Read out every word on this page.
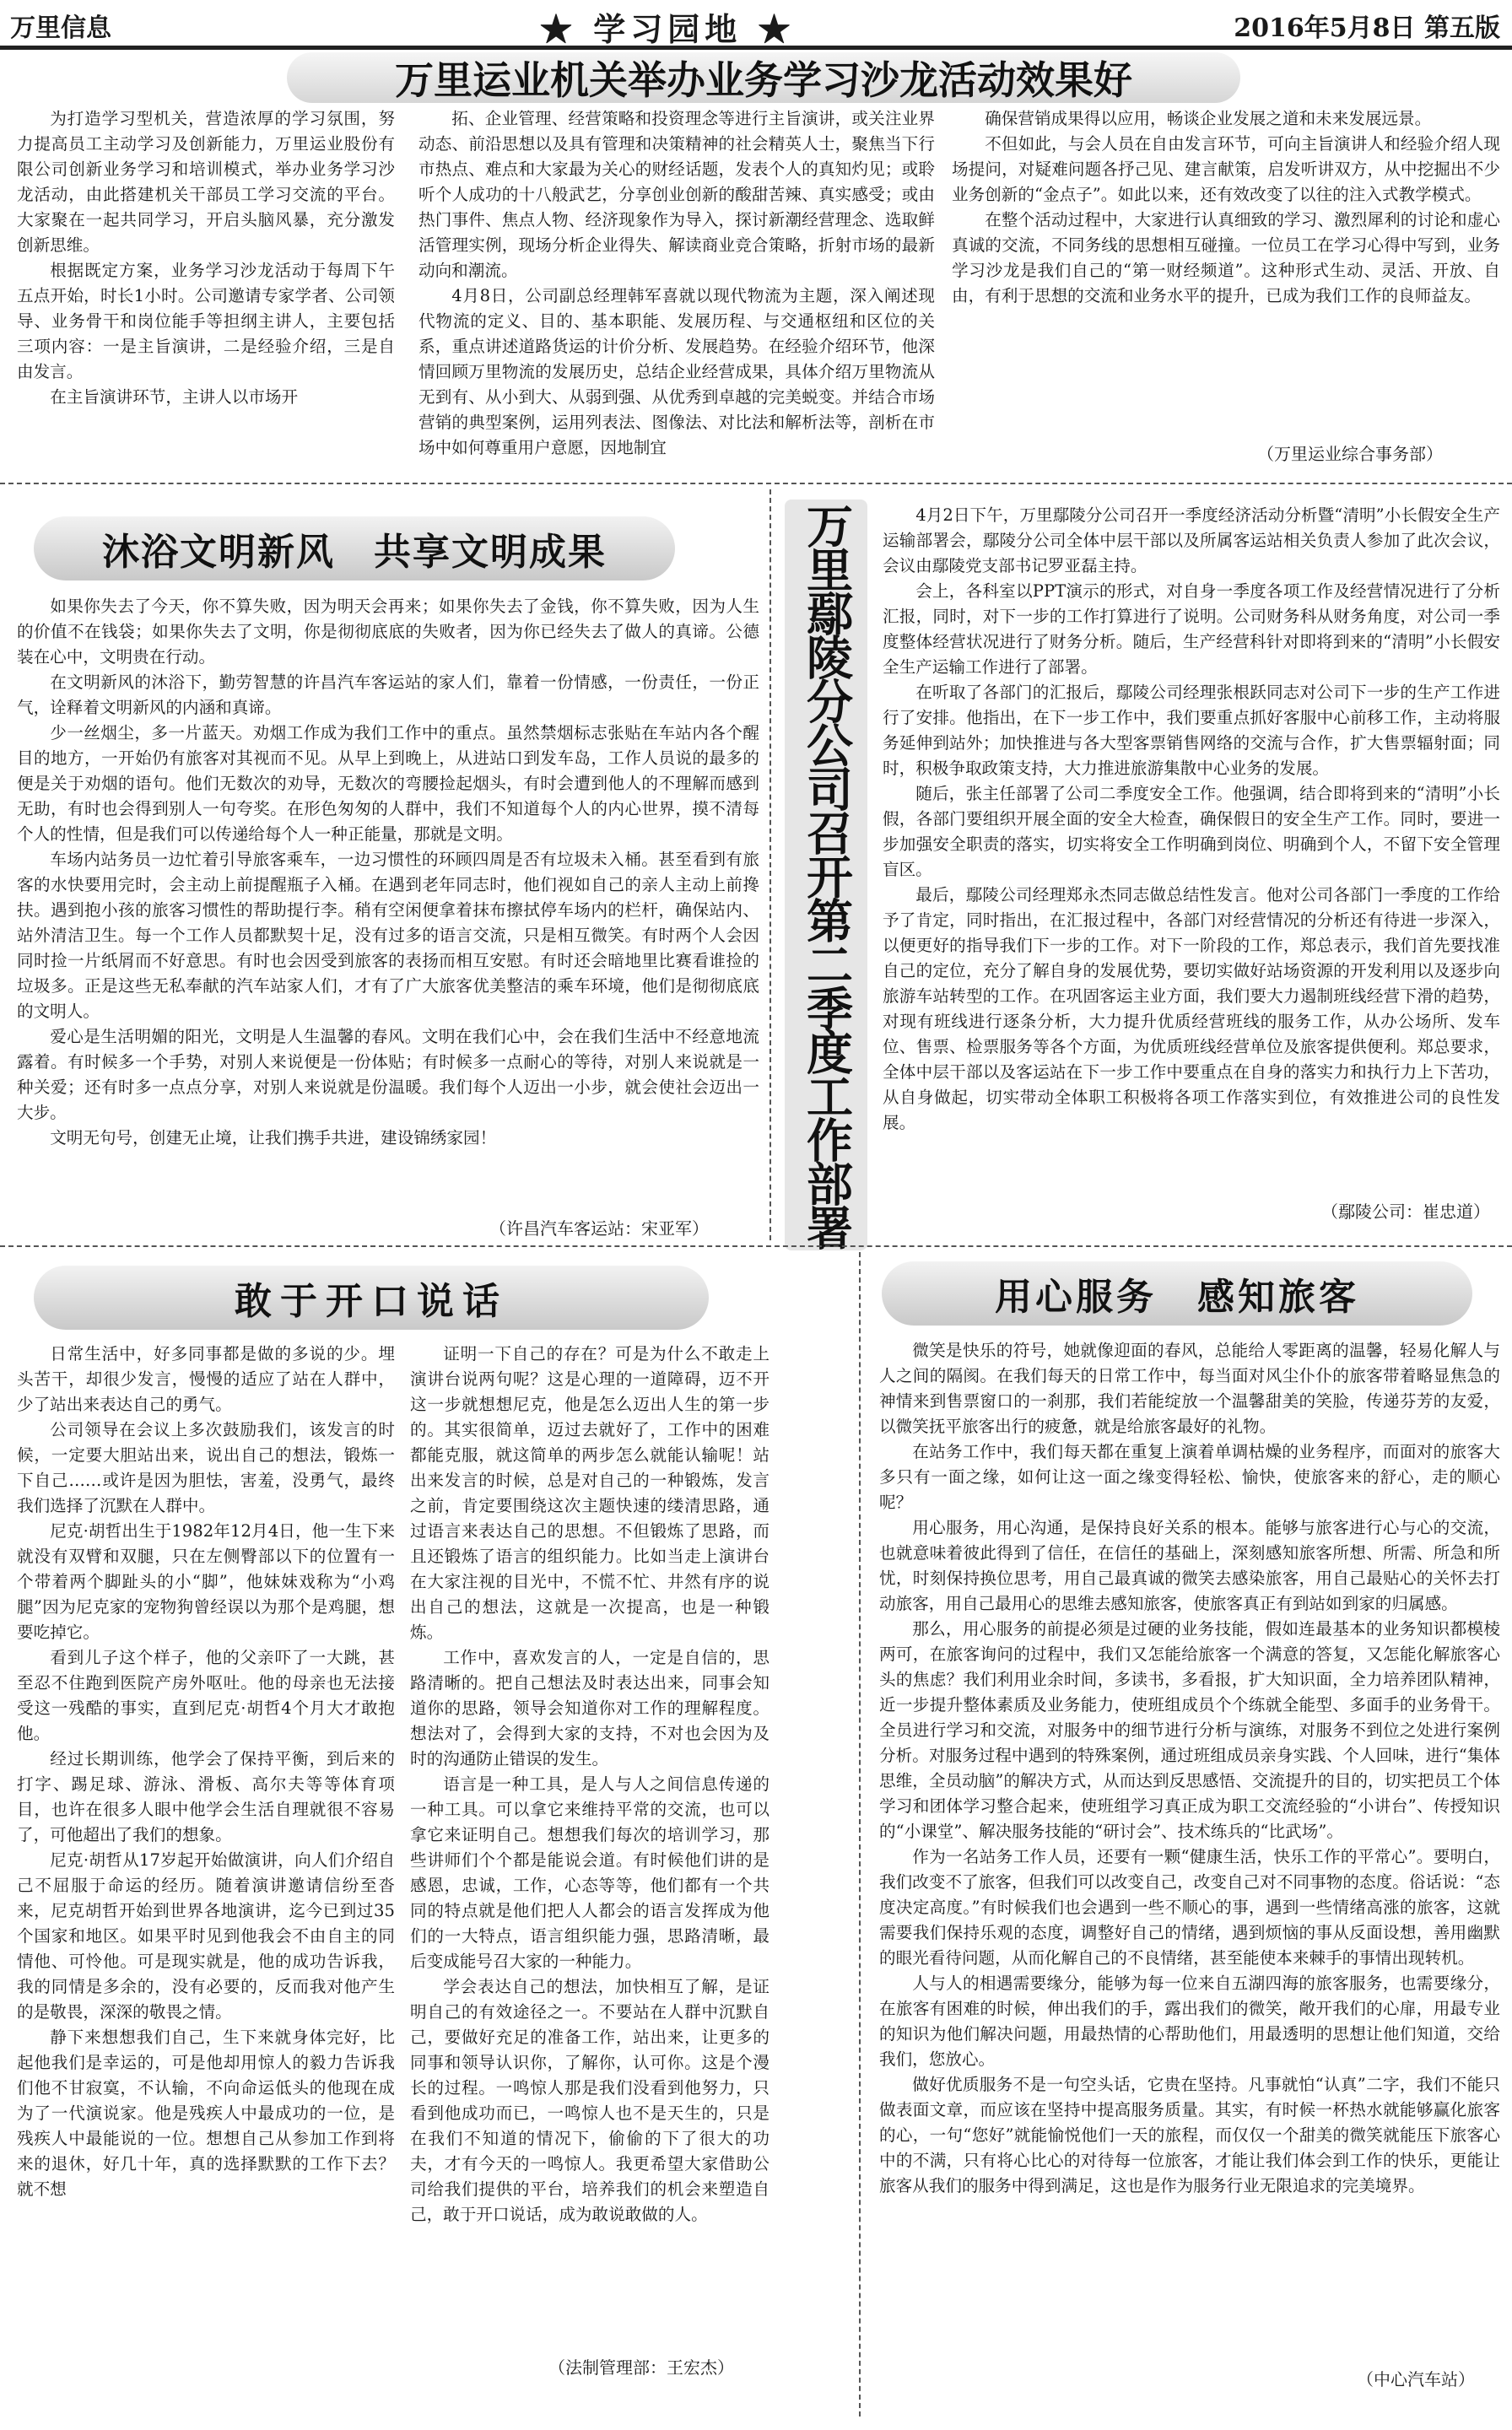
万里信息	★ 学习园地 ★	2016年5月8日 第五版
万里运业机关举办业务学习沙龙活动效果好

为打造学习型机关，营造浓厚的学习氛围，努力提高员工主动学习及创新能力，万里运业股份有限公司创新业务学习和培训模式，举办业务学习沙龙活动，由此搭建机关干部员工学习交流的平台。大家聚在一起共同学习，开启头脑风暴，充分激发创新思维。

根据既定方案，业务学习沙龙活动于每周下午五点开始，时长1小时。公司邀请专家学者、公司领导、业务骨干和岗位能手等担纲主讲人，主要包括三项内容：一是主旨演讲，二是经验介绍，三是自由发言。

在主旨演讲环节，主讲人以市场开

拓、企业管理、经营策略和投资理念等进行主旨演讲，或关注业界动态、前沿思想以及具有管理和决策精神的社会精英人士，聚焦当下行市热点、难点和大家最为关心的财经话题，发表个人的真知灼见；或聆听个人成功的十八般武艺，分享创业创新的酸甜苦辣、真实感受；或由热门事件、焦点人物、经济现象作为导入，探讨新潮经营理念、选取鲜活管理实例，现场分析企业得失、解读商业竞合策略，折射市场的最新动向和潮流。

4月8日，公司副总经理韩军喜就以现代物流为主题，深入阐述现代物流的定义、目的、基本职能、发展历程、与交通枢纽和区位的关系，重点讲述道路货运的计价分析、发展趋势。在经验介绍环节，他深情回顾万里物流的发展历史，总结企业经营成果，具体介绍万里物流从无到有、从小到大、从弱到强、从优秀到卓越的完美蜕变。并结合市场营销的典型案例，运用列表法、图像法、对比法和解析法等，剖析在市场中如何尊重用户意愿，因地制宜

确保营销成果得以应用，畅谈企业发展之道和未来发展远景。

不但如此，与会人员在自由发言环节，可向主旨演讲人和经验介绍人现场提问，对疑难问题各抒己见、建言献策，启发听讲双方，从中挖掘出不少业务创新的“金点子”。如此以来，还有效改变了以往的注入式教学模式。

在整个活动过程中，大家进行认真细致的学习、激烈犀利的讨论和虚心真诚的交流，不同务线的思想相互碰撞。一位员工在学习心得中写到，业务学习沙龙是我们自己的“第一财经频道”。这种形式生动、灵活、开放、自由，有利于思想的交流和业务水平的提升，已成为我们工作的良师益友。

（万里运业综合事务部）
沐浴文明新风　共享文明成果

如果你失去了今天，你不算失败，因为明天会再来；如果你失去了金钱，你不算失败，因为人生的价值不在钱袋；如果你失去了文明，你是彻彻底底的失败者，因为你已经失去了做人的真谛。公德装在心中，文明贵在行动。

在文明新风的沐浴下，勤劳智慧的许昌汽车客运站的家人们，靠着一份情感，一份责任，一份正气，诠释着文明新风的内涵和真谛。

少一丝烟尘，多一片蓝天。劝烟工作成为我们工作中的重点。虽然禁烟标志张贴在车站内各个醒目的地方，一开始仍有旅客对其视而不见。从早上到晚上，从进站口到发车岛，工作人员说的最多的便是关于劝烟的语句。他们无数次的劝导，无数次的弯腰捡起烟头，有时会遭到他人的不理解而感到无助，有时也会得到别人一句夸奖。在形色匆匆的人群中，我们不知道每个人的内心世界，摸不清每个人的性情，但是我们可以传递给每个人一种正能量，那就是文明。

车场内站务员一边忙着引导旅客乘车，一边习惯性的环顾四周是否有垃圾未入桶。甚至看到有旅客的水快要用完时，会主动上前提醒瓶子入桶。在遇到老年同志时，他们视如自己的亲人主动上前搀扶。遇到抱小孩的旅客习惯性的帮助提行李。稍有空闲便拿着抹布擦拭停车场内的栏杆，确保站内、站外清洁卫生。每一个工作人员都默契十足，没有过多的语言交流，只是相互微笑。有时两个人会因同时捡一片纸屑而不好意思。有时也会因受到旅客的表扬而相互安慰。有时还会暗地里比赛看谁捡的垃圾多。正是这些无私奉献的汽车站家人们，才有了广大旅客优美整洁的乘车环境，他们是彻彻底底的文明人。

爱心是生活明媚的阳光，文明是人生温馨的春风。文明在我们心中，会在我们生活中不经意地流露着。有时候多一个手势，对别人来说便是一份体贴；有时候多一点耐心的等待，对别人来说就是一种关爱；还有时多一点点分享，对别人来说就是份温暖。我们每个人迈出一小步，就会使社会迈出一大步。

文明无句号，创建无止境，让我们携手共进，建设锦绣家园！

（许昌汽车客运站：宋亚军）
万里鄢陵分公司召开第二季度工作部署

4月2日下午，万里鄢陵分公司召开一季度经济活动分析暨“清明”小长假安全生产运输部署会，鄢陵分公司全体中层干部以及所属客运站相关负责人参加了此次会议，会议由鄢陵党支部书记罗亚磊主持。

会上，各科室以PPT演示的形式，对自身一季度各项工作及经营情况进行了分析汇报，同时，对下一步的工作打算进行了说明。公司财务科从财务角度，对公司一季度整体经营状况进行了财务分析。随后，生产经营科针对即将到来的“清明”小长假安全生产运输工作进行了部署。

在听取了各部门的汇报后，鄢陵公司经理张根跃同志对公司下一步的生产工作进行了安排。他指出，在下一步工作中，我们要重点抓好客服中心前移工作，主动将服务延伸到站外；加快推进与各大型客票销售网络的交流与合作，扩大售票辐射面；同时，积极争取政策支持，大力推进旅游集散中心业务的发展。

随后，张主任部署了公司二季度安全工作。他强调，结合即将到来的“清明”小长假，各部门要组织开展全面的安全大检查，确保假日的安全生产工作。同时，要进一步加强安全职责的落实，切实将安全工作明确到岗位、明确到个人，不留下安全管理盲区。

最后，鄢陵公司经理郑永杰同志做总结性发言。他对公司各部门一季度的工作给予了肯定，同时指出，在汇报过程中，各部门对经营情况的分析还有待进一步深入，以便更好的指导我们下一步的工作。对下一阶段的工作，郑总表示，我们首先要找准自己的定位，充分了解自身的发展优势，要切实做好站场资源的开发利用以及逐步向旅游车站转型的工作。在巩固客运主业方面，我们要大力遏制班线经营下滑的趋势，对现有班线进行逐条分析，大力提升优质经营班线的服务工作，从办公场所、发车位、售票、检票服务等各个方面，为优质班线经营单位及旅客提供便利。郑总要求，全体中层干部以及客运站在下一步工作中要重点在自身的落实力和执行力上下苦功，从自身做起，切实带动全体职工积极将各项工作落实到位，有效推进公司的良性发展。

（鄢陵公司：崔忠道）
敢于开口说话

日常生活中，好多同事都是做的多说的少。埋头苦干，却很少发言，慢慢的适应了站在人群中，少了站出来表达自己的勇气。

公司领导在会议上多次鼓励我们，该发言的时候，一定要大胆站出来，说出自己的想法，锻炼一下自己……或许是因为胆怯，害羞，没勇气，最终我们选择了沉默在人群中。

尼克·胡哲出生于1982年12月4日，他一生下来就没有双臂和双腿，只在左侧臀部以下的位置有一个带着两个脚趾头的小“脚”，他妹妹戏称为“小鸡腿”因为尼克家的宠物狗曾经误以为那个是鸡腿，想要吃掉它。

看到儿子这个样子，他的父亲吓了一大跳，甚至忍不住跑到医院产房外呕吐。他的母亲也无法接受这一残酷的事实，直到尼克·胡哲4个月大才敢抱他。

经过长期训练，他学会了保持平衡，到后来的打字、踢足球、游泳、滑板、高尔夫等等体育项目，也许在很多人眼中他学会生活自理就很不容易了，可他超出了我们的想象。

尼克·胡哲从17岁起开始做演讲，向人们介绍自己不屈服于命运的经历。随着演讲邀请信纷至沓来，尼克胡哲开始到世界各地演讲，迄今已到过35个国家和地区。如果平时见到他我会不由自主的同情他、可怜他。可是现实就是，他的成功告诉我，我的同情是多余的，没有必要的，反而我对他产生的是敬畏，深深的敬畏之情。

静下来想想我们自己，生下来就身体完好，比起他我们是幸运的，可是他却用惊人的毅力告诉我们他不甘寂寞，不认输，不向命运低头的他现在成为了一代演说家。他是残疾人中最成功的一位，是残疾人中最能说的一位。想想自己从参加工作到将来的退休，好几十年，真的选择默默的工作下去？就不想

证明一下自己的存在？可是为什么不敢走上演讲台说两句呢？这是心理的一道障碍，迈不开这一步就想想尼克，他是怎么迈出人生的第一步的。其实很简单，迈过去就好了，工作中的困难都能克服，就这简单的两步怎么就能认输呢！站出来发言的时候，总是对自己的一种锻炼，发言之前，肯定要围绕这次主题快速的缕清思路，通过语言来表达自己的思想。不但锻炼了思路，而且还锻炼了语言的组织能力。比如当走上演讲台在大家注视的目光中，不慌不忙、井然有序的说出自己的想法，这就是一次提高，也是一种锻炼。

工作中，喜欢发言的人，一定是自信的，思路清晰的。把自己想法及时表达出来，同事会知道你的思路，领导会知道你对工作的理解程度。想法对了，会得到大家的支持，不对也会因为及时的沟通防止错误的发生。

语言是一种工具，是人与人之间信息传递的一种工具。可以拿它来维持平常的交流，也可以拿它来证明自己。想想我们每次的培训学习，那些讲师们个个都是能说会道。有时候他们讲的是感恩，忠诚，工作，心态等等，他们都有一个共同的特点就是他们把人人都会的语言发挥成为他们的一大特点，语言组织能力强，思路清晰，最后变成能号召大家的一种能力。

学会表达自己的想法，加快相互了解，是证明自己的有效途径之一。不要站在人群中沉默自己，要做好充足的准备工作，站出来，让更多的同事和领导认识你，了解你，认可你。这是个漫长的过程。一鸣惊人那是我们没看到他努力，只看到他成功而已，一鸣惊人也不是天生的，只是在我们不知道的情况下，偷偷的下了很大的功夫，才有今天的一鸣惊人。我更希望大家借助公司给我们提供的平台，培养我们的机会来塑造自己，敢于开口说话，成为敢说敢做的人。

（法制管理部：王宏杰）
用心服务　感知旅客

微笑是快乐的符号，她就像迎面的春风，总能给人零距离的温馨，轻易化解人与人之间的隔阂。在我们每天的日常工作中，每当面对风尘仆仆的旅客带着略显焦急的神情来到售票窗口的一刹那，我们若能绽放一个温馨甜美的笑脸，传递芬芳的友爱，以微笑抚平旅客出行的疲惫，就是给旅客最好的礼物。

在站务工作中，我们每天都在重复上演着单调枯燥的业务程序，而面对的旅客大多只有一面之缘，如何让这一面之缘变得轻松、愉快，使旅客来的舒心，走的顺心呢？

用心服务，用心沟通，是保持良好关系的根本。能够与旅客进行心与心的交流，也就意味着彼此得到了信任，在信任的基础上，深刻感知旅客所想、所需、所急和所忧，时刻保持换位思考，用自己最真诚的微笑去感染旅客，用自己最贴心的关怀去打动旅客，用自己最用心的思维去感知旅客，使旅客真正有到站如到家的归属感。

那么，用心服务的前提必须是过硬的业务技能，假如连最基本的业务知识都模棱两可，在旅客询问的过程中，我们又怎能给旅客一个满意的答复，又怎能化解旅客心头的焦虑？我们利用业余时间，多读书，多看报，扩大知识面，全力培养团队精神，近一步提升整体素质及业务能力，使班组成员个个练就全能型、多面手的业务骨干。全员进行学习和交流，对服务中的细节进行分析与演练，对服务不到位之处进行案例分析。对服务过程中遇到的特殊案例，通过班组成员亲身实践、个人回味，进行“集体思维，全员动脑”的解决方式，从而达到反思感悟、交流提升的目的，切实把员工个体学习和团体学习整合起来，使班组学习真正成为职工交流经验的“小讲台”、传授知识的“小课堂”、解决服务技能的“研讨会”、技术练兵的“比武场”。

作为一名站务工作人员，还要有一颗“健康生活，快乐工作的平常心”。要明白，我们改变不了旅客，但我们可以改变自己，改变自己对不同事物的态度。俗话说：“态度决定高度。”有时候我们也会遇到一些不顺心的事，遇到一些情绪高涨的旅客，这就需要我们保持乐观的态度，调整好自己的情绪，遇到烦恼的事从反面设想，善用幽默的眼光看待问题，从而化解自己的不良情绪，甚至能使本来棘手的事情出现转机。

人与人的相遇需要缘分，能够为每一位来自五湖四海的旅客服务，也需要缘分，在旅客有困难的时候，伸出我们的手，露出我们的微笑，敞开我们的心扉，用最专业的知识为他们解决问题，用最热情的心帮助他们，用最透明的思想让他们知道，交给我们，您放心。

做好优质服务不是一句空头话，它贵在坚持。凡事就怕“认真”二字，我们不能只做表面文章，而应该在坚持中提高服务质量。其实，有时候一杯热水就能够赢化旅客的心，一句“您好”就能愉悦他们一天的旅程，而仅仅一个甜美的微笑就能压下旅客心中的不满，只有将心比心的对待每一位旅客，才能让我们体会到工作的快乐，更能让旅客从我们的服务中得到满足，这也是作为服务行业无限追求的完美境界。

（中心汽车站）
